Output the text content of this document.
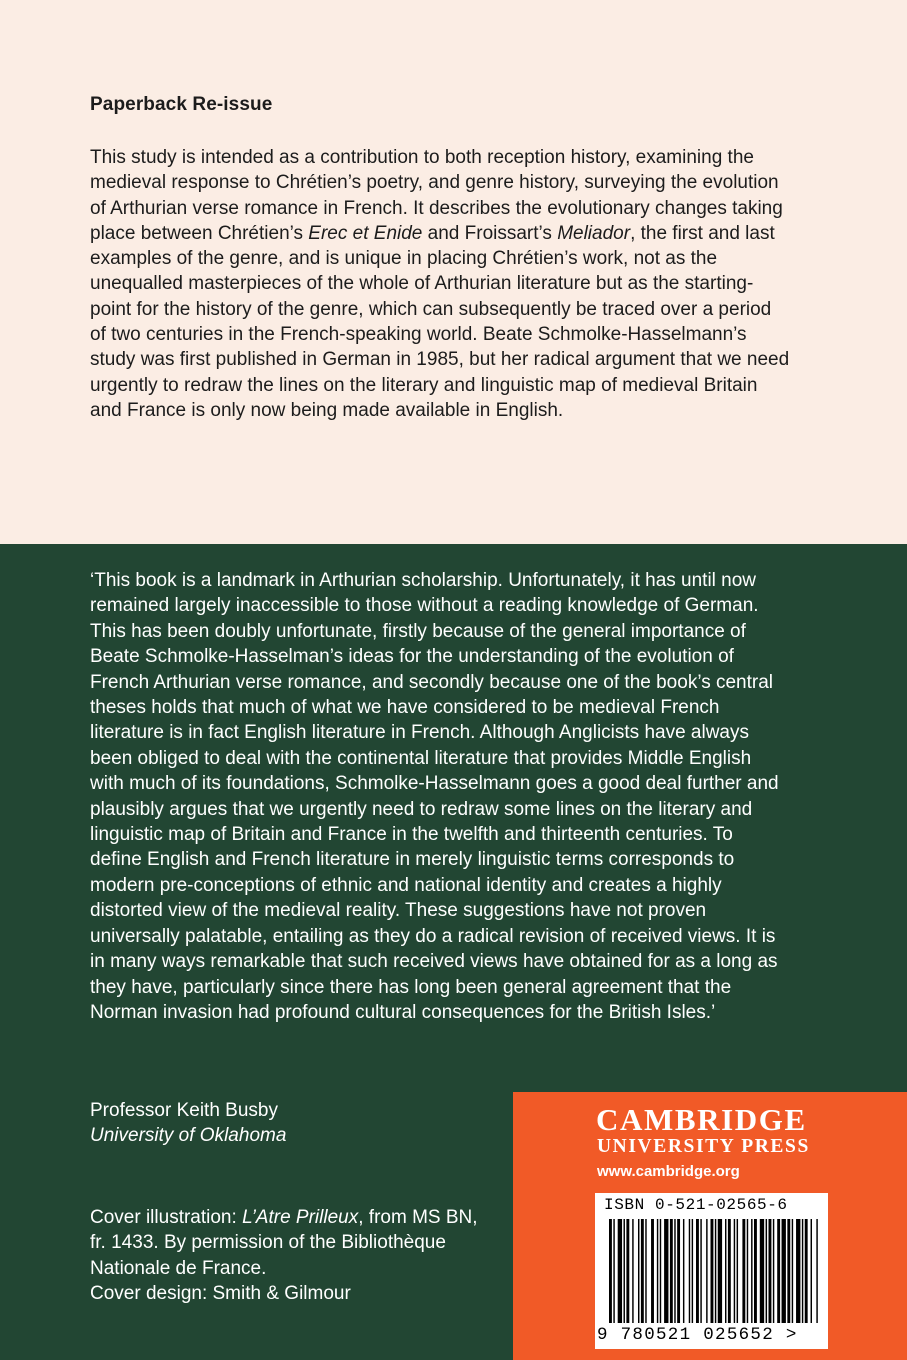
Paperback Re-issue
This study is intended as a contribution to both reception history, examining the medieval response to Chrétien’s poetry, and genre history, surveying the evolution of Arthurian verse romance in French. It describes the evolutionary changes taking place between Chrétien’s Erec et Enide and Froissart’s Meliador, the first and last examples of the genre, and is unique in placing Chrétien’s work, not as the unequalled masterpieces of the whole of Arthurian literature but as the starting-point for the history of the genre, which can subsequently be traced over a period of two centuries in the French-speaking world. Beate Schmolke-Hasselmann’s study was first published in German in 1985, but her radical argument that we need urgently to redraw the lines on the literary and linguistic map of medieval Britain and France is only now being made available in English.
‘This book is a landmark in Arthurian scholarship. Unfortunately, it has until now remained largely inaccessible to those without a reading knowledge of German. This has been doubly unfortunate, firstly because of the general importance of Beate Schmolke-Hasselman’s ideas for the understanding of the evolution of French Arthurian verse romance, and secondly because one of the book’s central theses holds that much of what we have considered to be medieval French literature is in fact English literature in French. Although Anglicists have always been obliged to deal with the continental literature that provides Middle English with much of its foundations, Schmolke-Hasselmann goes a good deal further and plausibly argues that we urgently need to redraw some lines on the literary and linguistic map of Britain and France in the twelfth and thirteenth centuries. To define English and French literature in merely linguistic terms corresponds to modern pre-conceptions of ethnic and national identity and creates a highly distorted view of the medieval reality. These suggestions have not proven universally palatable, entailing as they do a radical revision of received views. It is in many ways remarkable that such received views have obtained for as a long as they have, particularly since there has long been general agreement that the Norman invasion had profound cultural consequences for the British Isles.’
Professor Keith Busby
University of Oklahoma
Cover illustration: L’Atre Prilleux, from MS BN, fr. 1433. By permission of the Bibliothèque Nationale de France.
Cover design: Smith & Gilmour
CAMBRIDGE
UNIVERSITY PRESS
www.cambridge.org
ISBN 0-521-02565-6
9 780521 025652 >
